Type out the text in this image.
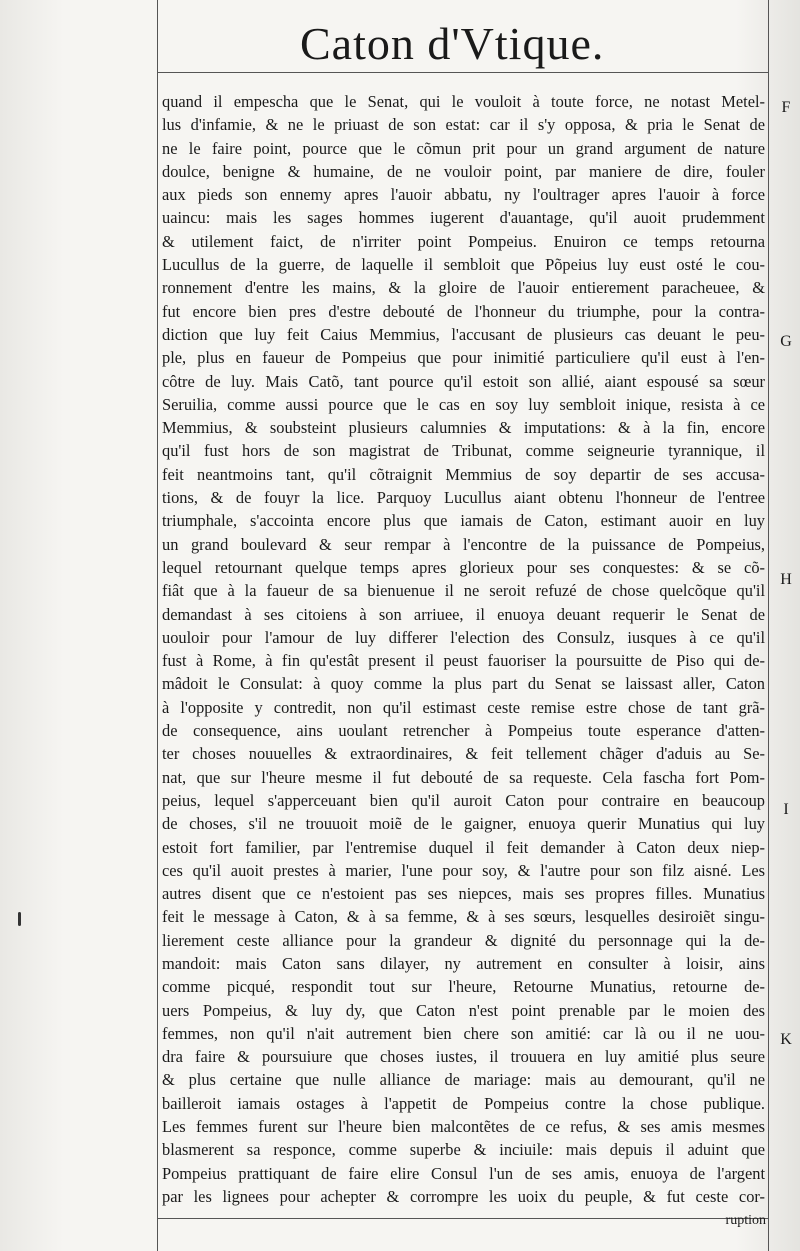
Caton d'Vtique.
quand il empescha que le Senat, qui le vouloit à toute force, ne notast Metel-
lus d'infamie, & ne le priuast de son estat: car il s'y opposa, & pria le Senat de
ne le faire point, pource que le cõmun prit pour un grand argument de nature
doulce, benigne & humaine, de ne vouloir point, par maniere de dire, fouler
aux pieds son ennemy apres l'auoir abbatu, ny l'oultrager apres l'auoir à force
uaincu: mais les sages hommes iugerent d'auantage, qu'il auoit prudemment
& utilement faict, de n'irriter point Pompeius. Enuiron ce temps retourna
Lucullus de la guerre, de laquelle il sembloit que Põpeius luy eust osté le cou-
ronnement d'entre les mains, & la gloire de l'auoir entierement paracheuee, &
fut encore bien pres d'estre debouté de l'honneur du triumphe, pour la contra-
diction que luy feit Caius Memmius, l'accusant de plusieurs cas deuant le peu-
ple, plus en faueur de Pompeius que pour inimitié particuliere qu'il eust à l'en-
côtre de luy. Mais Catõ, tant pource qu'il estoit son allié, aiant espousé sa sœur
Seruilia, comme aussi pource que le cas en soy luy sembloit inique, resista à ce
Memmius, & soubsteint plusieurs calumnies & imputations: & à la fin, encore
qu'il fust hors de son magistrat de Tribunat, comme seigneurie tyrannique, il
feit neantmoins tant, qu'il cõtraignit Memmius de soy departir de ses accusa-
tions, & de fouyr la lice. Parquoy Lucullus aiant obtenu l'honneur de l'entree
triumphale, s'accointa encore plus que iamais de Caton, estimant auoir en luy
un grand boulevard & seur rempar à l'encontre de la puissance de Pompeius,
lequel retournant quelque temps apres glorieux pour ses conquestes: & se cõ-
fiât que à la faueur de sa bienuenue il ne seroit refuzé de chose quelcõque qu'il
demandast à ses citoiens à son arriuee, il enuoya deuant requerir le Senat de
uouloir pour l'amour de luy differer l'election des Consulz, iusques à ce qu'il
fust à Rome, à fin qu'estât present il peust fauoriser la poursuitte de Piso qui de-
mâdoit le Consulat: à quoy comme la plus part du Senat se laissast aller, Caton
à l'opposite y contredit, non qu'il estimast ceste remise estre chose de tant grã-
de consequence, ains uoulant retrencher à Pompeius toute esperance d'atten-
ter choses nouuelles & extraordinaires, & feit tellement chãger d'aduis au Se-
nat, que sur l'heure mesme il fut debouté de sa requeste. Cela fascha fort Pom-
peius, lequel s'apperceuant bien qu'il auroit Caton pour contraire en beaucoup
de choses, s'il ne trouuoit moiẽ de le gaigner, enuoya querir Munatius qui luy
estoit fort familier, par l'entremise duquel il feit demander à Caton deux niep-
ces qu'il auoit prestes à marier, l'une pour soy, & l'autre pour son filz aisné. Les
autres disent que ce n'estoient pas ses niepces, mais ses propres filles. Munatius
feit le message à Caton, & à sa femme, & à ses sœurs, lesquelles desiroiẽt singu-
lierement ceste alliance pour la grandeur & dignité du personnage qui la de-
mandoit: mais Caton sans dilayer, ny autrement en consulter à loisir, ains
comme picqué, respondit tout sur l'heure, Retourne Munatius, retourne de-
uers Pompeius, & luy dy, que Caton n'est point prenable par le moien des
femmes, non qu'il n'ait autrement bien chere son amitié: car là ou il ne uou-
dra faire & poursuiure que choses iustes, il trouuera en luy amitié plus seure
& plus certaine que nulle alliance de mariage: mais au demourant, qu'il ne
bailleroit iamais ostages à l'appetit de Pompeius contre la chose publique.
Les femmes furent sur l'heure bien malcontẽtes de ce refus, & ses amis mesmes
blasmerent sa responce, comme superbe & inciuile: mais depuis il aduint que
Pompeius prattiquant de faire elire Consul l'un de ses amis, enuoya de l'argent
par les lignees pour achepter & corrompre les uoix du peuple, & fut ceste cor-
F
G
H
I
K
ruption
